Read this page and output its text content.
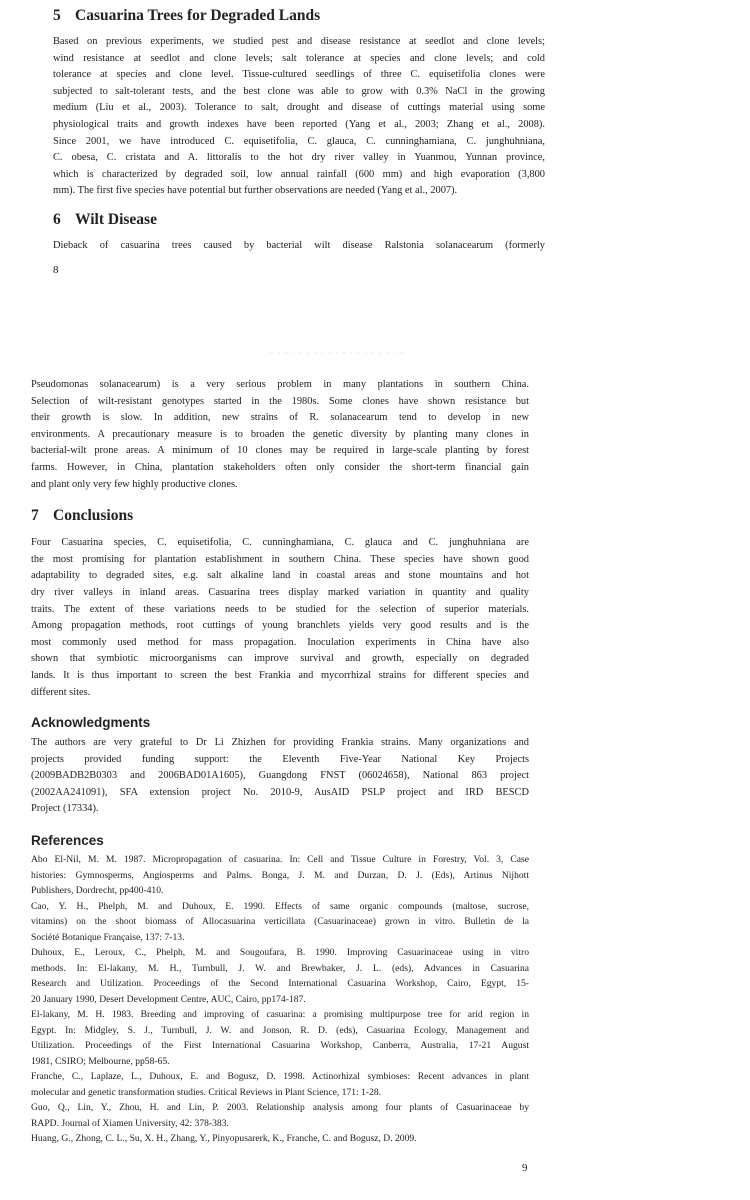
5 Casuarina Trees for Degraded Lands
Based on previous experiments, we studied pest and disease resistance at seedlot and clone levels;
wind resistance at seedlot and clone levels; salt tolerance at species and clone levels; and cold
tolerance at species and clone level. Tissue-cultured seedlings of three C. equisetifolia clones were
subjected to salt-tolerant tests, and the best clone was able to grow with 0.3% NaCl in the growing
medium (Liu et al., 2003). Tolerance to salt, drought and disease of cuttings material using some
physiological traits and growth indexes have been reported (Yang et al., 2003; Zhang et al., 2008).
Since 2001, we have introduced C. equisetifolia, C. glauca, C. cunninghamiana, C. junghuhniana,
C. obesa, C. cristata and A. littoralis to the hot dry river valley in Yuanmou, Yunnan province,
which is characterized by degraded soil, low annual rainfall (600 mm) and high evaporation (3,800
mm). The first five species have potential but further observations are needed (Yang et al., 2007).
6 Wilt Disease
Dieback of casuarina trees caused by bacterial wilt disease Ralstonia solanacearum (formerly
8
- - - - - - - - - - - - - - - - - - -
Pseudomonas solanacearum) is a very serious problem in many plantations in southern China.
Selection of wilt-resistant genotypes started in the 1980s. Some clones have shown resistance but
their growth is slow. In addition, new strains of R. solanacearum tend to develop in new
environments. A precautionary measure is to broaden the genetic diversity by planting many clones in
bacterial-wilt prone areas. A minimum of 10 clones may be required in large-scale planting by forest
farms. However, in China, plantation stakeholders often only consider the short-term financial gain
and plant only very few highly productive clones.
7 Conclusions
Four Casuarina species, C. equisetifolia, C. cunninghamiana, C. glauca and C. junghuhniana are
the most promising for plantation establishment in southern China. These species have shown good
adaptability to degraded sites, e.g. salt alkaline land in coastal areas and stone mountains and hot
dry river valleys in inland areas. Casuarina trees display marked variation in quantity and quality
traits. The extent of these variations needs to be studied for the selection of superior materials.
Among propagation methods, root cuttings of young branchlets yields very good results and is the
most commonly used method for mass propagation. Inoculation experiments in China have also
shown that symbiotic microorganisms can improve survival and growth, especially on degraded
lands. It is thus important to screen the best Frankia and mycorrhizal strains for different species and
different sites.
Acknowledgments
The authors are very grateful to Dr Li Zhizhen for providing Frankia strains. Many organizations and
projects provided funding support: the Eleventh Five-Year National Key Projects
(2009BADB2B0303 and 2006BAD01A1605), Guangdong FNST (06024658), National 863 project
(2002AA241091), SFA extension project No. 2010-9, AusAID PSLP project and IRD BESCD
Project (17334).
References
Abo El-Nil, M. M. 1987. Micropropagation of casuarina. In: Cell and Tissue Culture in Forestry, Vol. 3, Case
histories: Gymnosperms, Angiosperms and Palms. Bonga, J. M. and Durzan, D. J. (Eds), Artinus Nijhott
Publishers, Dordrecht, pp400-410.
Cao, Y. H., Phelph, M. and Duhoux, E. 1990. Effects of same organic compounds (maltose, sucrose,
vitamins) on the shoot biomass of Allocasuarina verticillata (Casuarinaceae) grown in vitro. Bulletin de la
Société Botanique Française, 137: 7-13.
Duhoux, E., Leroux, C., Phelph, M. and Sougoufara, B. 1990. Improving Casuarinaceae using in vitro
methods. In: El-lakany, M. H., Turnbull, J. W. and Brewbaker, J. L. (eds), Advances in Casuarina
Research and Utilization. Proceedings of the Second International Casuarina Workshop, Cairo, Egypt, 15-
20 January 1990, Desert Development Centre, AUC, Cairo, pp174-187.
El-lakany, M. H. 1983. Breeding and improving of casuarina: a promising multipurpose tree for arid region in
Egypt. In: Midgley, S. J., Turnbull, J. W. and Jonson, R. D. (eds), Casuarina Ecology, Management and
Utilization. Proceedings of the First International Casuarina Workshop, Canberra, Australia, 17-21 August
1981, CSIRO; Melbourne, pp58-65.
Franche, C., Laplaze, L., Duhoux, E. and Bogusz, D. 1998. Actinorhizal symbioses: Recent advances in plant
molecular and genetic transformation studies. Critical Reviews in Plant Science, 171: 1-28.
Guo, Q., Lin, Y., Zhou, H. and Lin, P. 2003. Relationship analysis among four plants of Casuarinaceae by
RAPD. Journal of Xiamen University, 42: 378-383.
Huang, G., Zhong, C. L., Su, X. H., Zhang, Y., Pinyopusarerk, K., Franche, C. and Bogusz, D. 2009.
9
